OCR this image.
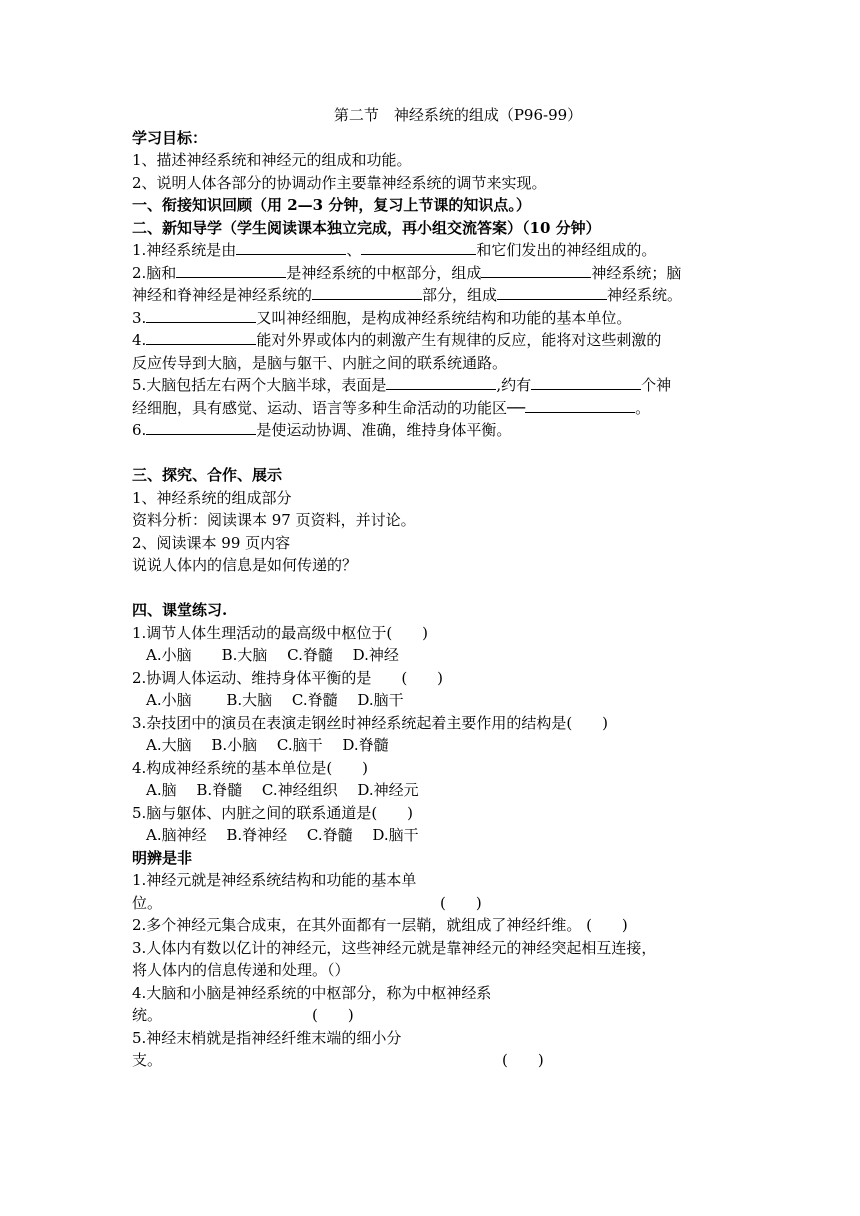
第二节　神经系统的组成（P96-99）
学习目标：
1、描述神经系统和神经元的组成和功能。
2、说明人体各部分的协调动作主要靠神经系统的调节来实现。
一、衔接知识回顾（用 2—3 分钟，复习上节课的知识点。）
二、新知导学（学生阅读课本独立完成，再小组交流答案）（10 分钟）
1.神经系统是由	、	和它们发出的神经组成的。
2.脑和	是神经系统的中枢部分，组成	神经系统；脑
神经和脊神经是神经系统的	部分，组成	神经系统。
3.	又叫神经细胞，是构成神经系统结构和功能的基本单位。
4.	能对外界或体内的刺激产生有规律的反应，能将对这些刺激的
反应传导到大脑，是脑与躯干、内脏之间的联系统通路。
5.大脑包括左右两个大脑半球，表面是	,约有	个神
经细胞，具有感觉、运动、语言等多种生命活动的功能区──	。
6.	是使运动协调、准确，维持身体平衡。
三、探究、合作、展示
1、神经系统的组成部分
资料分析：阅读课本 97 页资料，并讨论。
2、阅读课本 99 页内容
说说人体内的信息是如何传递的？
四、课堂练习.
1.调节人体生理活动的最高级中枢位于(　　)
A.小脑　　B.大脑　 C.脊髓　 D.神经
2.协调人体运动、维持身体平衡的是　　(　　)
A.小脑　　 B.大脑　 C.脊髓　 D.脑干
3.杂技团中的演员在表演走钢丝时神经系统起着主要作用的结构是(　　)
A.大脑　 B.小脑　 C.脑干　 D.脊髓
4.构成神经系统的基本单位是(　　)
A.脑　 B.脊髓　 C.神经组织　 D.神经元
5.脑与躯体、内脏之间的联系通道是(　　)
A.脑神经　 B.脊神经　 C.脊髓　 D.脑干
明辨是非
1.神经元就是神经系统结构和功能的基本单
位。	(　　)
2.多个神经元集合成束，在其外面都有一层鞘，就组成了神经纤维。 (　　)
3.人体内有数以亿计的神经元，这些神经元就是靠神经元的神经突起相互连接，
将人体内的信息传递和处理。（）
4.大脑和小脑是神经系统的中枢部分，称为中枢神经系
统。	(　　)
5.神经末梢就是指神经纤维末端的细小分
支。	(　　)
